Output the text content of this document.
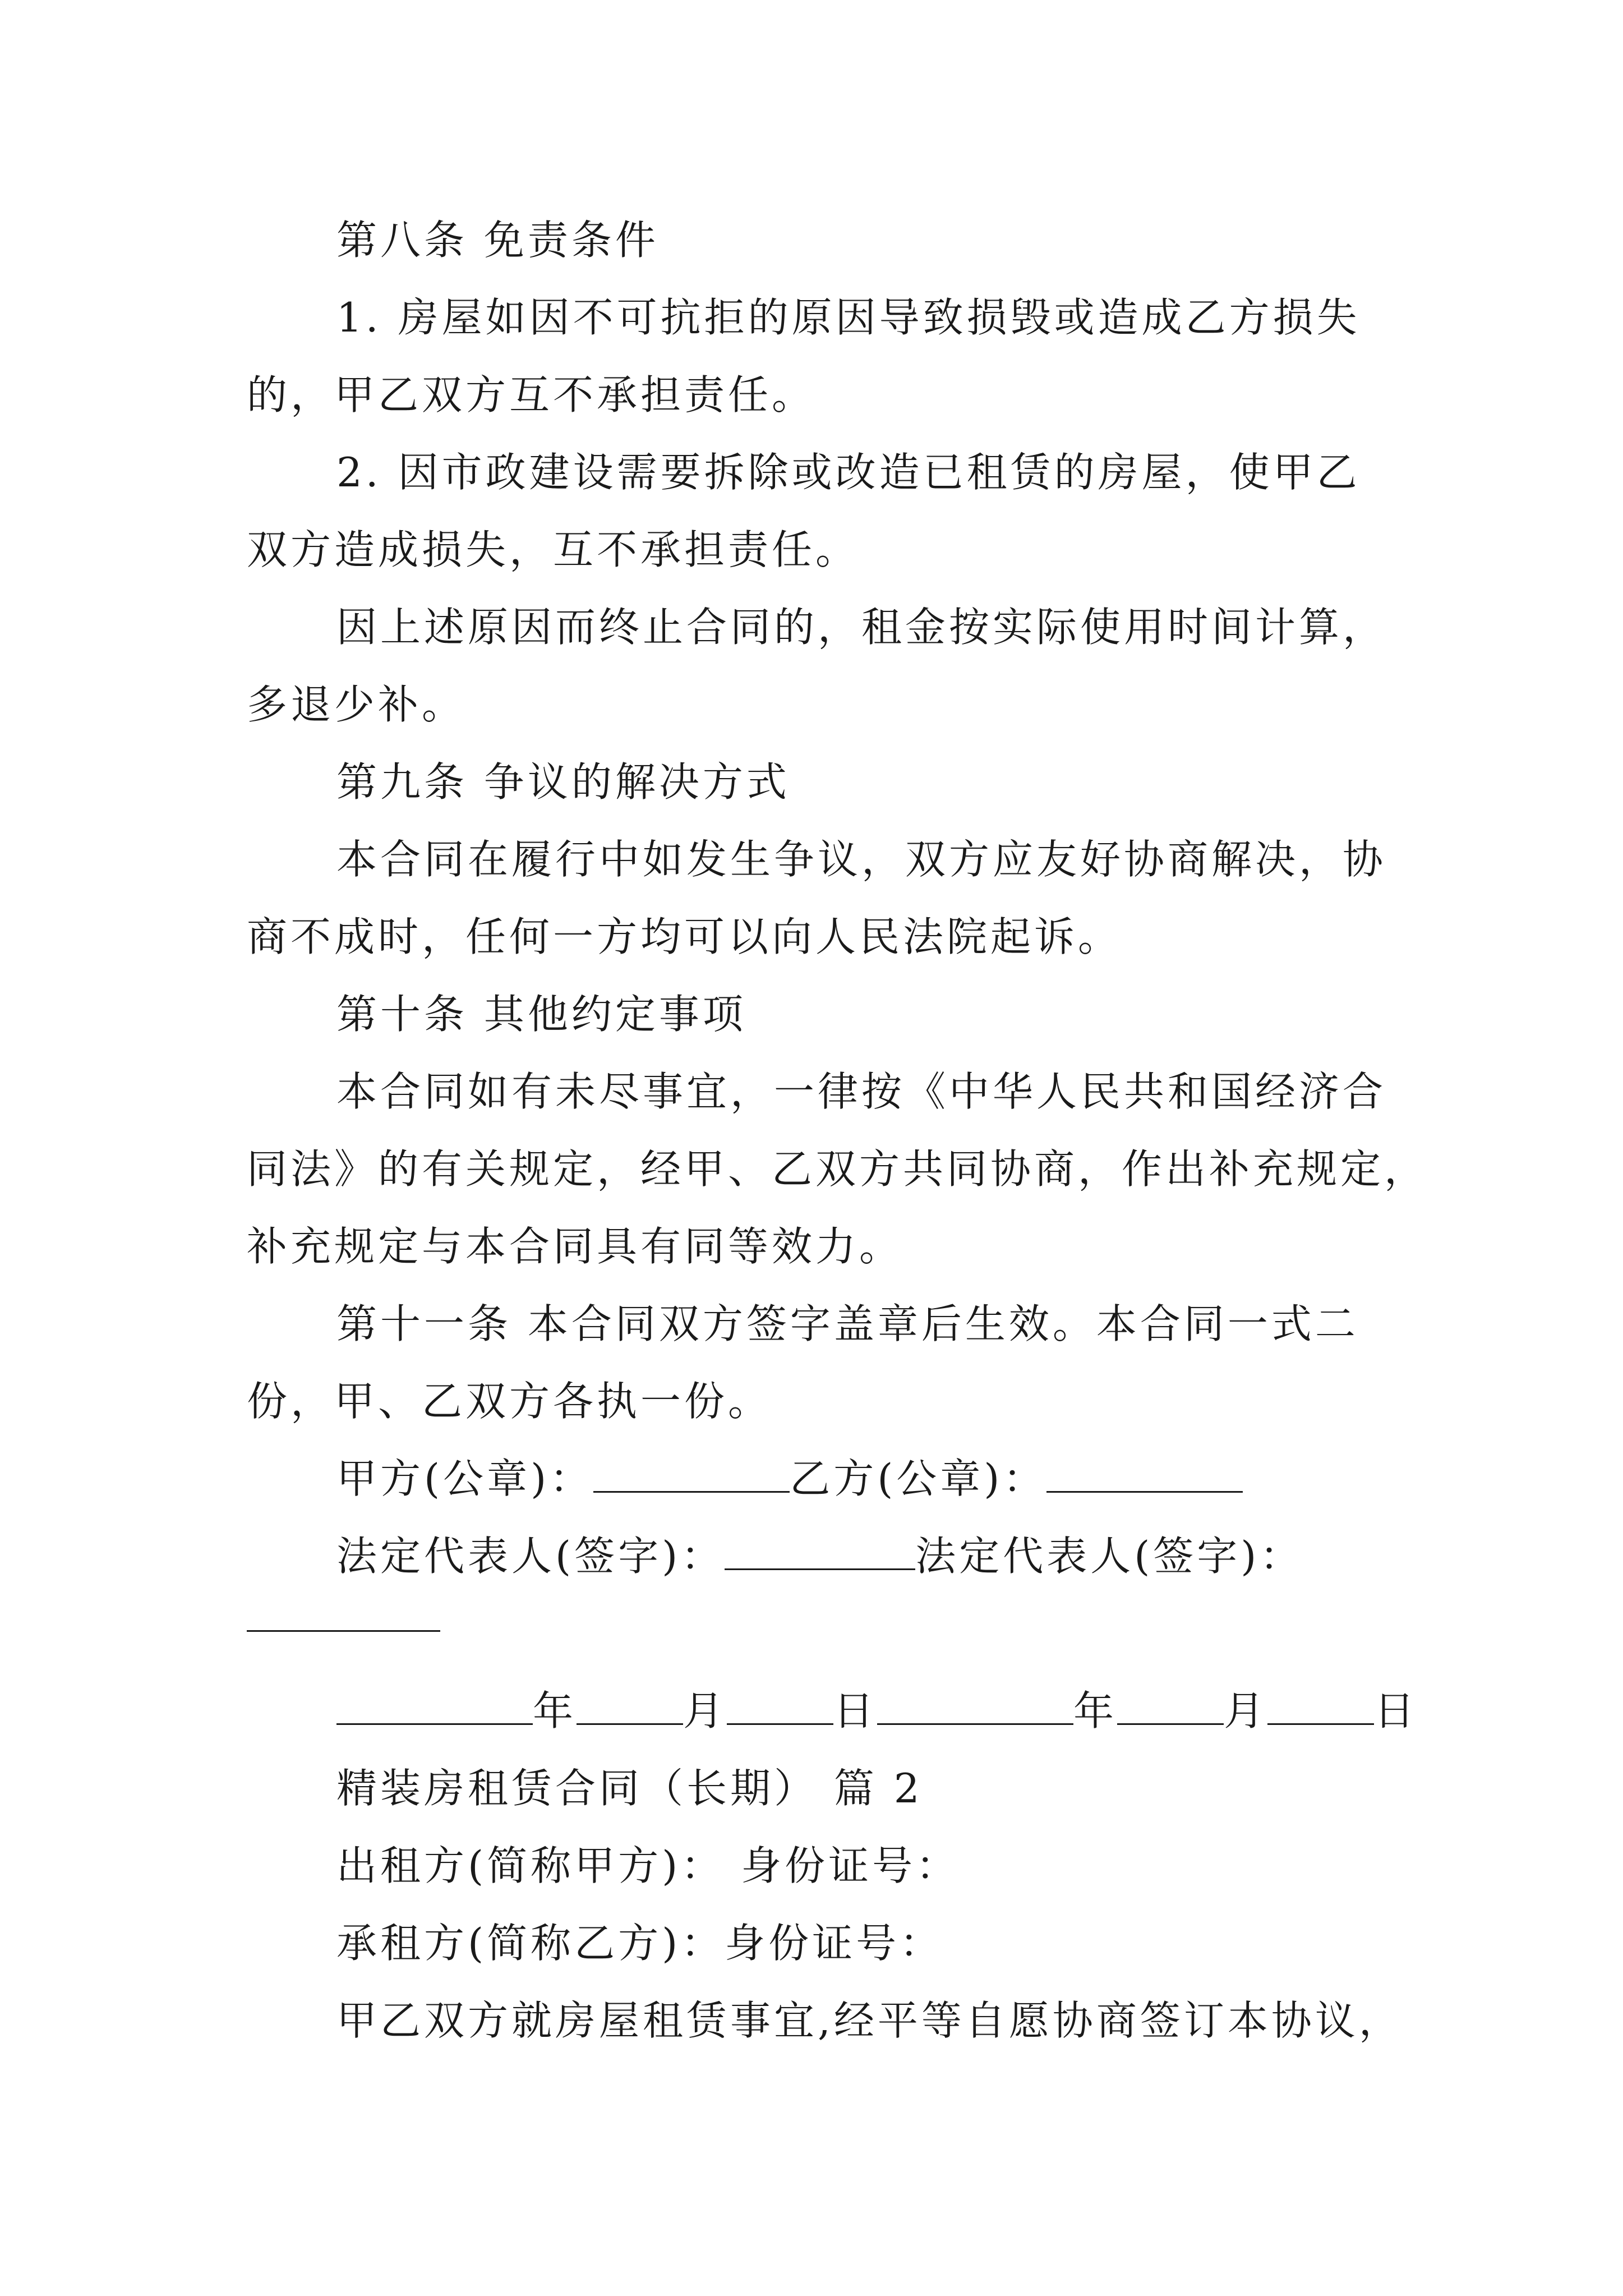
第八条 免责条件
1. 房屋如因不可抗拒的原因导致损毁或造成乙方损失
的，甲乙双方互不承担责任。
2. 因市政建设需要拆除或改造已租赁的房屋，使甲乙
双方造成损失，互不承担责任。
因上述原因而终止合同的，租金按实际使用时间计算，
多退少补。
第九条 争议的解决方式
本合同在履行中如发生争议，双方应友好协商解决，协
商不成时，任何一方均可以向人民法院起诉。
第十条 其他约定事项
本合同如有未尽事宜，一律按《中华人民共和国经济合
同法》的有关规定，经甲、乙双方共同协商，作出补充规定，
补充规定与本合同具有同等效力。
第十一条 本合同双方签字盖章后生效。本合同一式二
份，甲、乙双方各执一份。
甲方(公章)：	乙方(公章)：
法定代表人(签字)：	法定代表人(签字)：
年	月	日	年	月	日
精装房租赁合同（长期） 篇 2
出租方(简称甲方)： 身份证号：
承租方(简称乙方)：身份证号：
甲乙双方就房屋租赁事宜,经平等自愿协商签订本协议，
